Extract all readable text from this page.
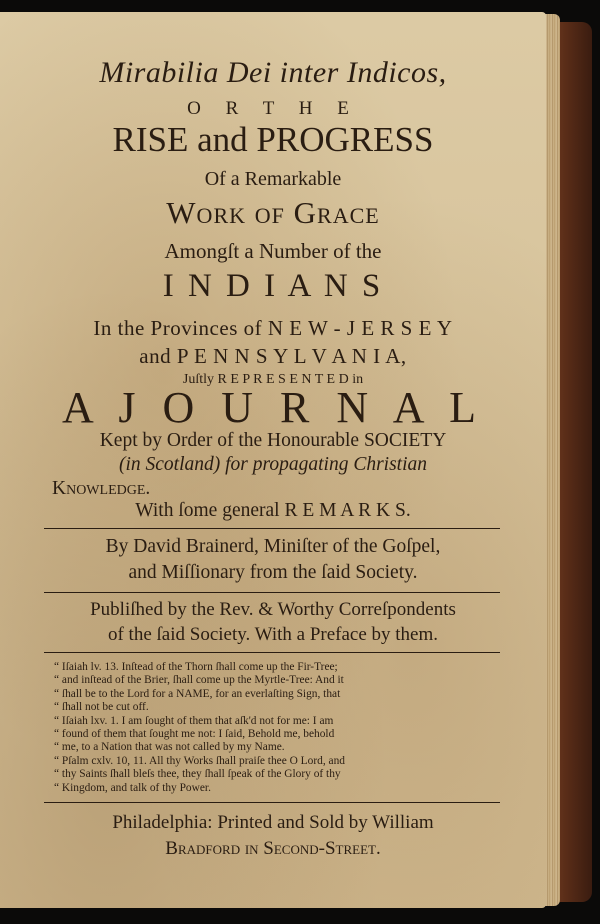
Mirabilia Dei inter Indicos,
O R T H E
RISE and PROGRESS
Of a Remarkable
Work of Grace
Amongſt a Number of the
I N D I A N S
In the Provinces of N E W - J E R S E Y
and P E N N S Y L V A N I A,
Juſtly R E P R E S E N T E D in
A J O U R N A L
Kept by Order of the Honourable SOCIETY
(in Scotland) for propagating Christian
Knowledge.
With ſome general R E M A R K S.
By David Brainerd, Miniſter of the Goſpel,
and Miſſionary from the ſaid Society.
Publiſhed by the Rev. & Worthy Correſpondents
of the ſaid Society. With a Preface by them.
“ Iſaiah lv. 13. Inſtead of the Thorn ſhall come up the Fir-Tree;
“ and inſtead of the Brier, ſhall come up the Myrtle-Tree: And it
“ ſhall be to the Lord for a NAME, for an everlaſting Sign, that
“ ſhall not be cut off.
“ Iſaiah lxv. 1. I am ſought of them that aſk'd not for me: I am
“ found of them that ſought me not: I ſaid, Behold me, behold
“ me, to a Nation that was not called by my Name.
“ Pſalm cxlv. 10, 11. All thy Works ſhall praiſe thee O Lord, and
“ thy Saints ſhall bleſs thee, they ſhall ſpeak of the Glory of thy
“ Kingdom, and talk of thy Power.
Philadelphia: Printed and Sold by William
Bradford in Second-Street.
